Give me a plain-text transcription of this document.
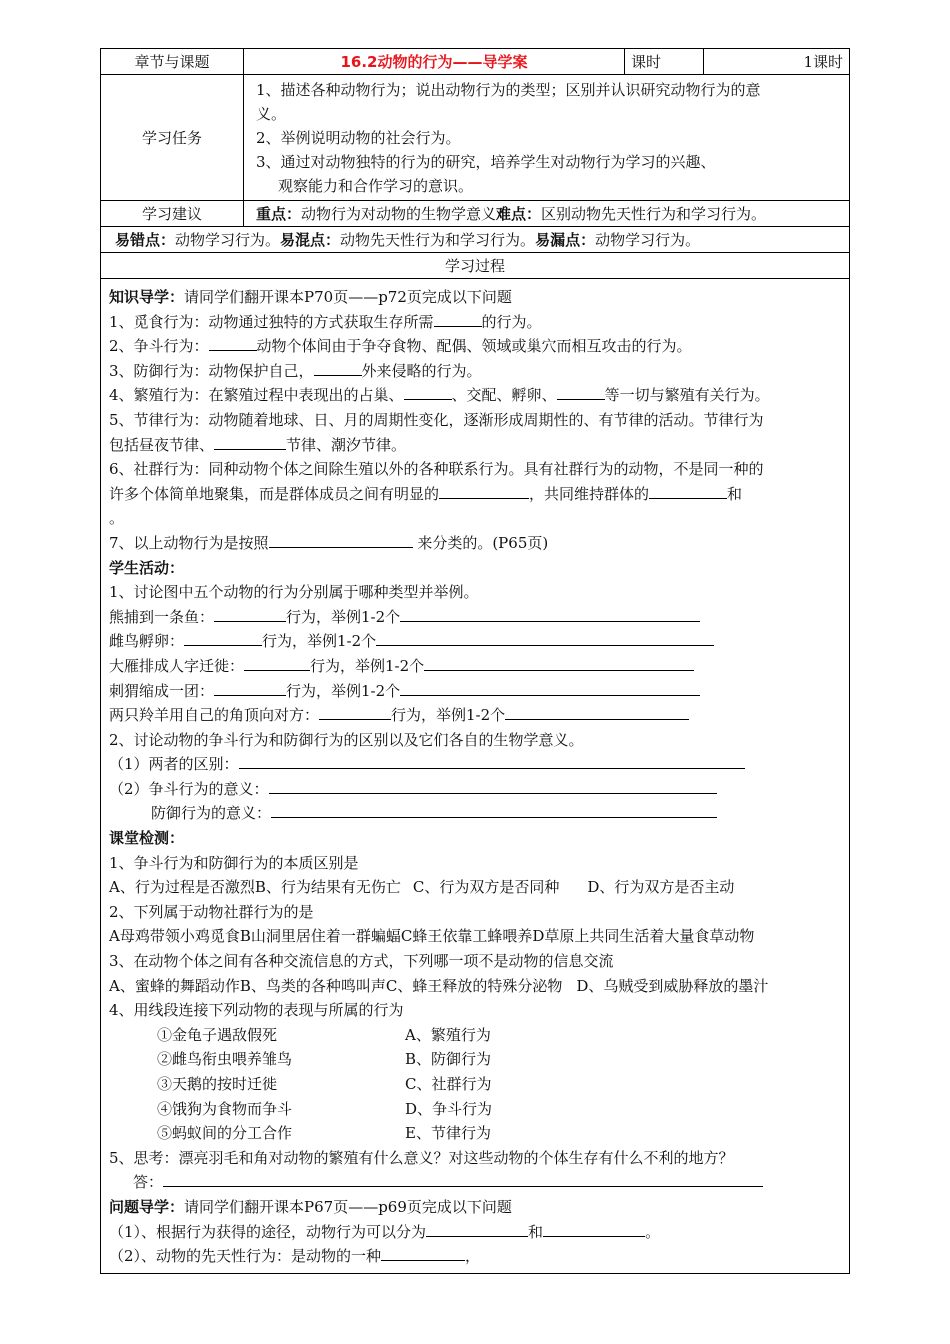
章节与课题	16.2动物的行为——导学案	课时	1课时
学习任务	1、描述各种动物行为；说出动物行为的类型；区别并认识研究动物行为的意
义。
2、举例说明动物的社会行为。
3、通过对动物独特的行为的研究，培养学生对动物行为学习的兴趣、
观察能力和合作学习的意识。		

学习建议	重点：动物行为对动物的生物学意义难点：区别动物先天性行为和学习行为。		
易错点：动物学习行为。易混点：动物先天性行为和学习行为。易漏点：动物学习行为。			
学习过程			
知识导学：请同学们翻开课本P70页——p72页完成以下问题
1、觅食行为：动物通过独特的方式获取生存所需	的行为。
2、争斗行为：	动物个体间由于争夺食物、配偶、领域或巢穴而相互攻击的行为。
3、防御行为：动物保护自己，	外来侵略的行为。
4、繁殖行为：在繁殖过程中表现出的占巢、	、交配、孵卵、	等一切与繁殖有关行为。
5、节律行为：动物随着地球、日、月的周期性变化，逐渐形成周期性的、有节律的活动。节律行为
包括昼夜节律、	节律、潮汐节律。
6、社群行为：同种动物个体之间除生殖以外的各种联系行为。具有社群行为的动物，不是同一种的
许多个体简单地聚集，而是群体成员之间有明显的	，共同维持群体的	和
。
7、以上动物行为是按照	来分类的。(P65页)
学生活动：
1、讨论图中五个动物的行为分别属于哪种类型并举例。
熊捕到一条鱼：	行为，举例1-2个
雌鸟孵卵：	行为，举例1-2个
大雁排成人字迁徙：	行为，举例1-2个
刺猬缩成一团：	行为，举例1-2个
两只羚羊用自己的角顶向对方：	行为，举例1-2个
2、讨论动物的争斗行为和防御行为的区别以及它们各自的生物学意义。
（1）两者的区别：
（2）争斗行为的意义：
防御行为的意义：
课堂检测：
1、争斗行为和防御行为的本质区别是
A、行为过程是否激烈B、行为结果有无伤亡 C、行为双方是否同种 D、行为双方是否主动
2、下列属于动物社群行为的是
A母鸡带领小鸡觅食B山洞里居住着一群蝙蝠C蜂王依靠工蜂喂养D草原上共同生活着大量食草动物
3、在动物个体之间有各种交流信息的方式，下列哪一项不是动物的信息交流
A、蜜蜂的舞蹈动作B、鸟类的各种鸣叫声C、蜂王释放的特殊分泌物 D、乌贼受到威胁释放的墨汁
4、用线段连接下列动物的表现与所属的行为
①金龟子遇敌假死	A、繁殖行为
②雌鸟衔虫喂养雏鸟	B、防御行为
③天鹅的按时迁徙	C、社群行为
④饿狗为食物而争斗	D、争斗行为
⑤蚂蚁间的分工合作	E、节律行为
5、思考：漂亮羽毛和角对动物的繁殖有什么意义？对这些动物的个体生存有什么不利的地方？
答：
问题导学：请同学们翻开课本P67页——p69页完成以下问题
（1）、根据行为获得的途径，动物行为可以分为	和	。
（2）、动物的先天性行为：是动物的一种	，
